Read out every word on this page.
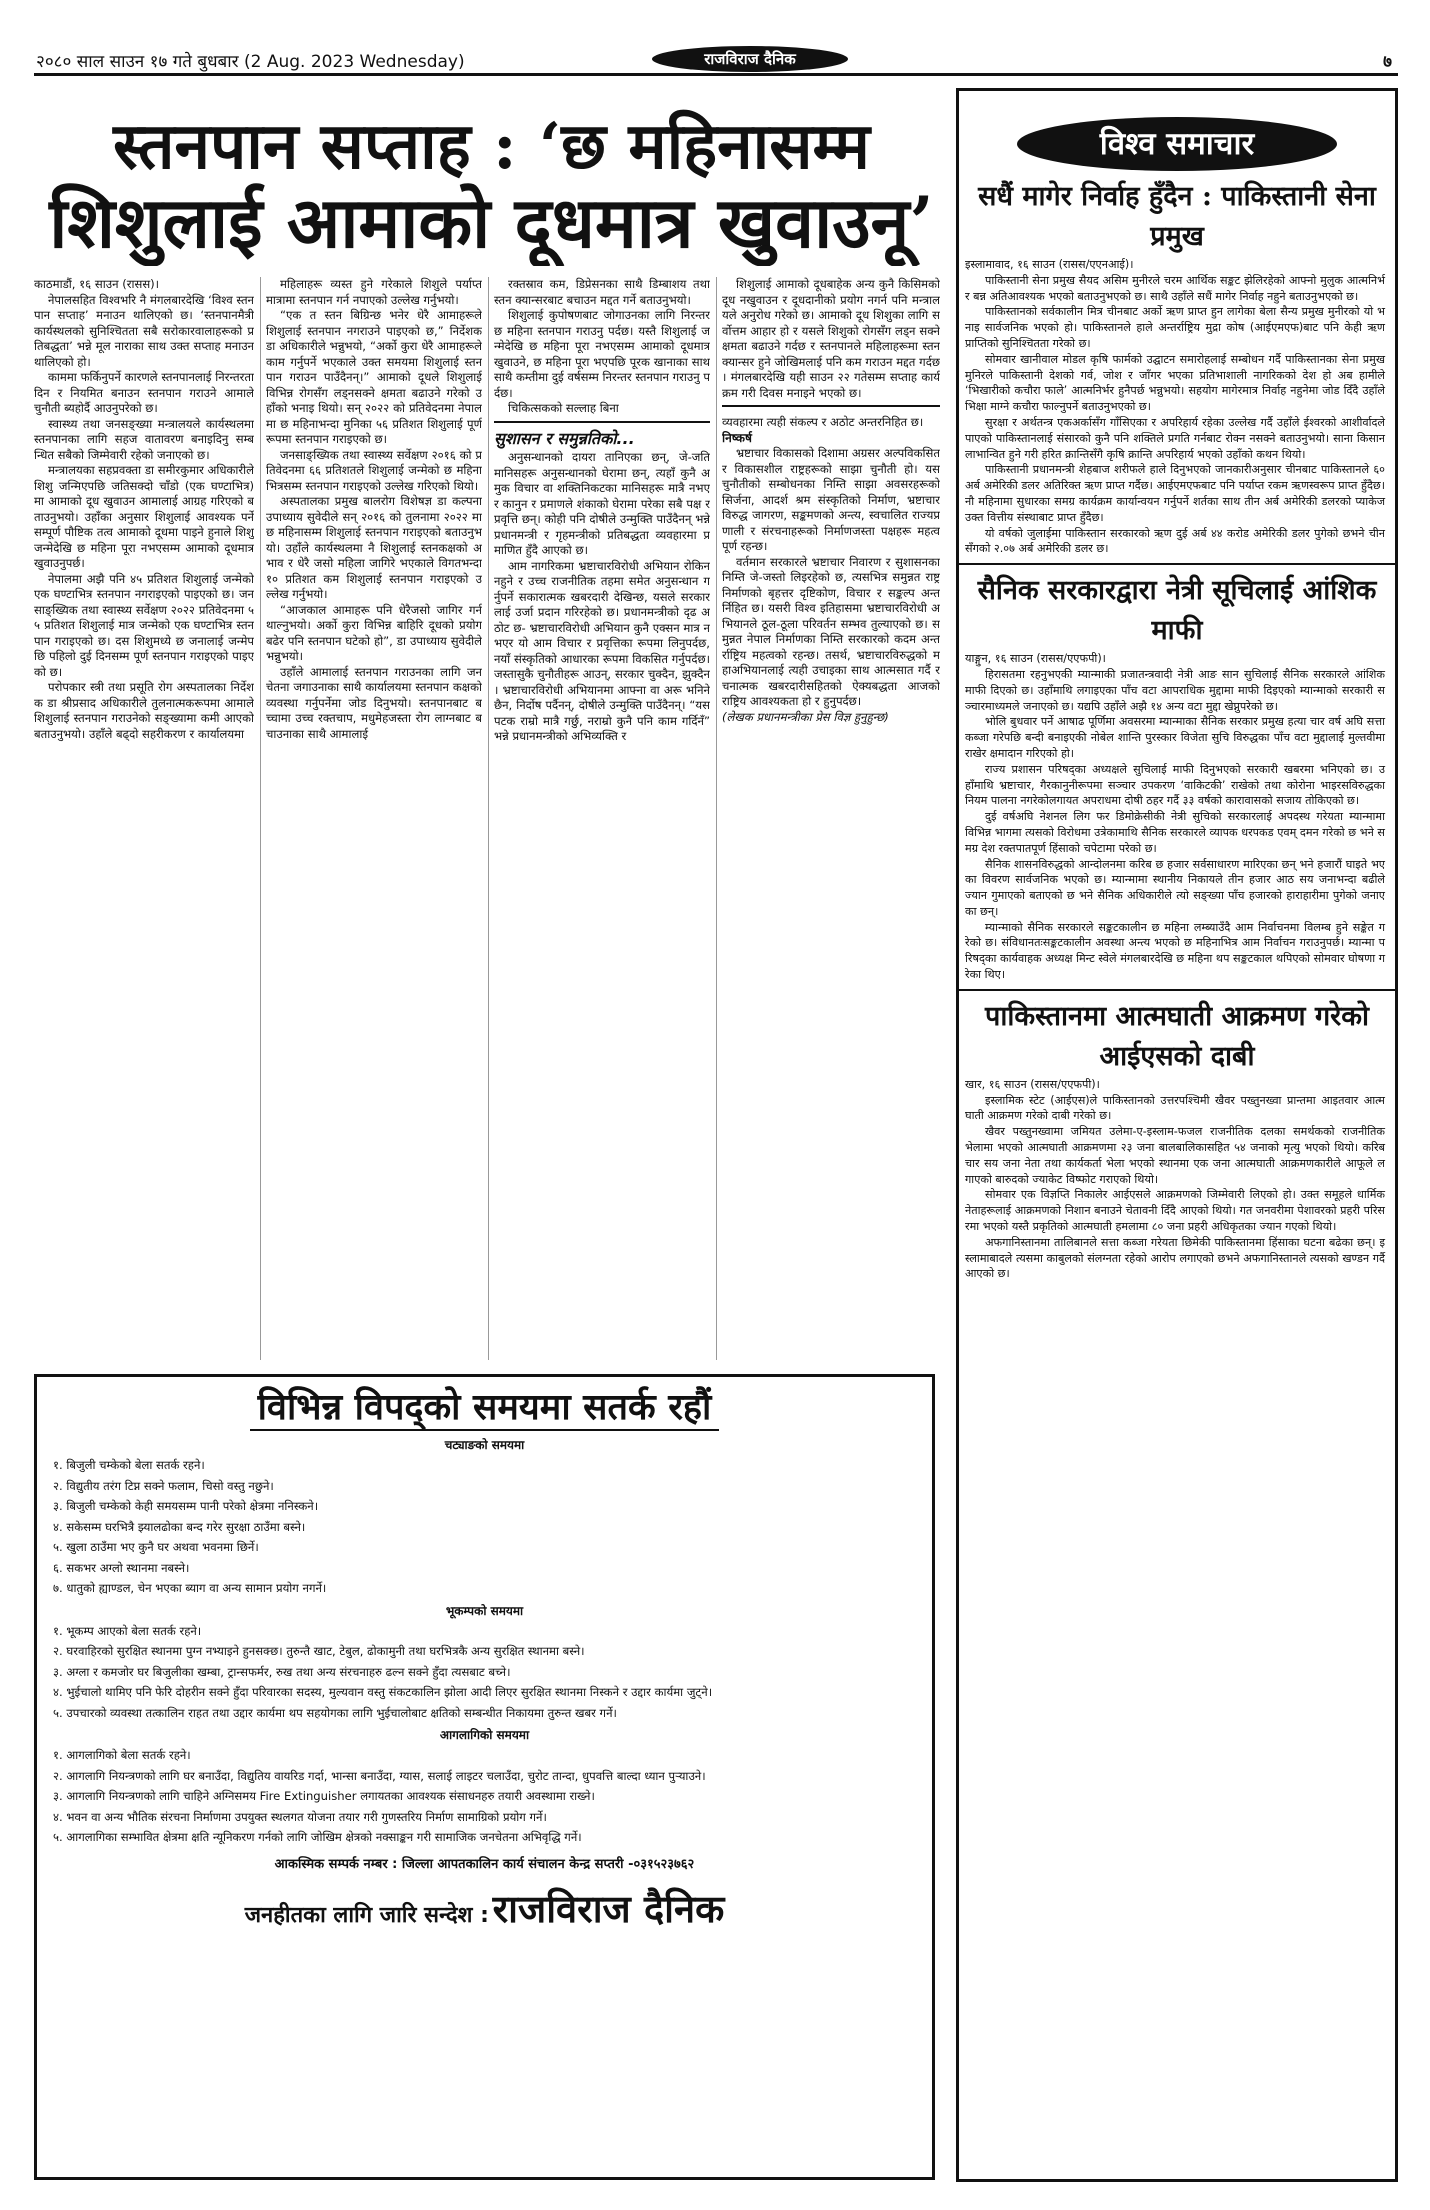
२०८० साल साउन १७ गते बुधबार (2 Aug. 2023 Wednesday)	राजविराज दैनिक	७
स्तनपान सप्ताह : ‘छ महिनासम्म
शिशुलाई आमाको दूधमात्र खुवाउनू’

काठमाडौं, १६ साउन (रासस)।

नेपालसहित विश्वभरि नै मंगलबारदेखि ‘विश्व स्तनपान सप्ताह’ मनाउन थालिएको छ। ‘स्तनपानमैत्री कार्यस्थलको सुनिश्चितता सबै सरोकारवालाहरूको प्रतिबद्धता’ भन्ने मूल नाराका साथ उक्त सप्ताह मनाउन थालिएको हो।

काममा फर्किनुपर्ने कारणले स्तनपानलाई निरन्तरता दिन र नियमित बनाउन स्तनपान गराउने आमाले चुनौती ब्यहोर्दै आउनुपरेको छ।

स्वास्थ्य तथा जनसङ्ख्या मन्त्रालयले कार्यस्थलमा स्तनपानका लागि सहज वातावरण बनाइदिनु सम्बन्धित सबैको जिम्मेवारी रहेको जनाएको छ।

मन्त्रालयका सहप्रवक्ता डा समीरकुमार अधिकारीले शिशु जन्मिएपछि जतिसक्दो चाँडो (एक घण्टाभित्र) मा आमाको दूध खुवाउन आमालाई आग्रह गरिएको बताउनुभयो। उहाँका अनुसार शिशुलाई आवश्यक पर्ने सम्पूर्ण पौष्टिक तत्व आमाको दूधमा पाइने हुनाले शिशु जन्मेदेखि छ महिना पूरा नभएसम्म आमाको दूधमात्र खुवाउनुपर्छ।

नेपालमा अझै पनि ४५ प्रतिशत शिशुलाई जन्मेको एक घण्टाभित्र स्तनपान नगराइएको पाइएको छ। जनसाङ्ख्यिक तथा स्वास्थ्य सर्वेक्षण २०२२ प्रतिवेदनमा ५५ प्रतिशत शिशुलाई मात्र जन्मेको एक घण्टाभित्र स्तनपान गराइएको छ। दस शिशुमध्ये छ जनालाई जन्मेपछि पहिलो दुई दिनसम्म पूर्ण स्तनपान गराइएको पाइएको छ।

परोपकार स्त्री तथा प्रसूति रोग अस्पतालका निर्देशक डा श्रीप्रसाद अधिकारीले तुलनात्मकरूपमा आमाले शिशुलाई स्तनपान गराउनेको सङ्ख्यामा कमी आएको बताउनुभयो। उहाँले बढ्दो सहरीकरण र कार्यालयमा

महिलाहरू व्यस्त हुने गरेकाले शिशुले पर्याप्त मात्रामा स्तनपान गर्न नपाएको उल्लेख गर्नुभयो।

“एक त स्तन बिग्रिन्छ भनेर धेरै आमाहरूले शिशुलाई स्तनपान नगराउने पाइएको छ,” निर्देशक डा अधिकारीले भन्नुभयो, “अर्को कुरा धेरै आमाहरूले काम गर्नुपर्ने भएकाले उक्त समयमा शिशुलाई स्तनपान गराउन पाउँदैनन्।” आमाको दूधले शिशुलाई विभिन्न रोगसँग लड्नसक्ने क्षमता बढाउने गरेको उहाँको भनाइ थियो। सन् २०२२ को प्रतिवेदनमा नेपालमा छ महिनाभन्दा मुनिका ५६ प्रतिशत शिशुलाई पूर्णरूपमा स्तनपान गराइएको छ।

जनसाङ्ख्यिक तथा स्वास्थ्य सर्वेक्षण २०१६ को प्रतिवेदनमा ६६ प्रतिशतले शिशुलाई जन्मेको छ महिना भित्रसम्म स्तनपान गराइएको उल्लेख गरिएको थियो।

अस्पतालका प्रमुख बालरोग विशेषज्ञ डा कल्पना उपाध्याय सुवेदीले सन् २०१६ को तुलनामा २०२२ मा छ महिनासम्म शिशुलाई स्तनपान गराइएको बताउनुभयो। उहाँले कार्यस्थलमा नै शिशुलाई स्तनकक्षको अभाव र धेरै जसो महिला जागिरे भएकाले विगतभन्दा १० प्रतिशत कम शिशुलाई स्तनपान गराइएको उल्लेख गर्नुभयो।

“आजकाल आमाहरू पनि धेरैजसो जागिर गर्न थाल्नुभयो। अर्को कुरा विभिन्न बाहिरि दूधको प्रयोग बढेर पनि स्तनपान घटेको हो”, डा उपाध्याय सुवेदीले भन्नुभयो।

उहाँले आमालाई स्तनपान गराउनका लागि जनचेतना जगाउनाका साथै कार्यालयमा स्तनपान कक्षको व्यवस्था गर्नुपर्नेमा जोड दिनुभयो। स्तनपानबाट बच्चामा उच्च रक्तचाप, मधुमेहजस्ता रोग लाग्नबाट बचाउनाका साथै आमालाई

रक्तस्राव कम, डिप्रेसनका साथै डिम्बाशय तथा स्तन क्यान्सरबाट बचाउन मद्दत गर्ने बताउनुभयो।

शिशुलाई कुपोषणबाट जोगाउनका लागि निरन्तर छ महिना स्तनपान गराउनु पर्दछ। यस्तै शिशुलाई जन्मेदेखि छ महिना पूरा नभएसम्म आमाको दूधमात्र खुवाउने, छ महिना पूरा भएपछि पूरक खानाका साथसाथै कम्तीमा दुई वर्षसम्म निरन्तर स्तनपान गराउनु पर्दछ।

चिकित्सकको सल्लाह बिना

सुशासन र समुन्नतिको...

अनुसन्धानको दायरा तानिएका छन्, जे-जति मानिसहरू अनुसन्धानको घेरामा छन्, त्यहाँ कुनै अमुक विचार वा शक्तिनिकटका मानिसहरू मात्रै नभएर कानुन र प्रमाणले शंकाको घेरामा परेका सबै पक्ष र प्रवृत्ति छन्। कोही पनि दोषीले उन्मुक्ति पाउँदैनन् भन्ने प्रधानमन्त्री र गृहमन्त्रीको प्रतिबद्धता व्यवहारमा प्रमाणित हुँदै आएको छ।

आम नागरिकमा भ्रष्टाचारविरोधी अभियान रोकिन नहुने र उच्च राजनीतिक तहमा समेत अनुसन्धान गर्नुपर्ने सकारात्मक खबरदारी देखिन्छ, यसले सरकारलाई उर्जा प्रदान गरिरहेको छ। प्रधानमन्त्रीको दृढ अठोट छ- भ्रष्टाचारविरोधी अभियान कुनै एक्सन मात्र नभएर यो आम विचार र प्रवृत्तिका रूपमा लिनुपर्दछ, नयाँ संस्कृतिको आधारका रूपमा विकसित गर्नुपर्दछ। जस्तासुकै चुनौतीहरू आउन्, सरकार चुक्दैन, झुक्दैन। भ्रष्टाचारविरोधी अभियानमा आफ्ना वा अरू भनिने छैन, निर्दोष पर्दैनन्, दोषीले उन्मुक्ति पाउँदैनन्। “यसपटक राम्रो मात्रै गर्छु, नराम्रो कुनै पनि काम गर्दिनँ” भन्ने प्रधानमन्त्रीको अभिव्यक्ति र

शिशुलाई आमाको दूधबाहेक अन्य कुनै किसिमको दूध नखुवाउन र दूधदानीको प्रयोग नगर्न पनि मन्त्रालयले अनुरोध गरेको छ। आमाको दूध शिशुका लागि सर्वोत्तम आहार हो र यसले शिशुको रोगसँग लड्न सक्ने क्षमता बढाउने गर्दछ र स्तनपानले महिलाहरूमा स्तन क्यान्सर हुने जोखिमलाई पनि कम गराउन मद्दत गर्दछ। मंगलबारदेखि यही साउन २२ गतेसम्म सप्ताह कार्यक्रम गरी दिवस मनाइने भएको छ।

व्यवहारमा त्यही संकल्प र अठोट अन्तरनिहित छ।

निष्कर्ष

भ्रष्टाचार विकासको दिशामा अग्रसर अल्पविकसित र विकासशील राष्ट्रहरूको साझा चुनौती हो। यस चुनौतीको सम्बोधनका निम्ति साझा अवसरहरूको सिर्जना, आदर्श श्रम संस्कृतिको निर्माण, भ्रष्टाचारविरुद्ध जागरण, सङ्कमणको अन्त्य, स्वचालित राज्यप्रणाली र संरचनाहरूको निर्माणजस्ता पक्षहरू महत्वपूर्ण रहन्छ।

वर्तमान सरकारले भ्रष्टाचार निवारण र सुशासनका निम्ति जे-जस्तो लिइरहेको छ, त्यसभित्र समुन्नत राष्ट्र निर्माणको बृहत्तर दृष्टिकोण, विचार र सङ्कल्प अन्तर्निहित छ। यसरी विश्व इतिहासमा भ्रष्टाचारविरोधी अभियानले ठूल-ठूला परिवर्तन सम्भव तुल्याएको छ। समुन्नत नेपाल निर्माणका निम्ति सरकारको कदम अन्तर्राष्ट्रिय महत्वको रहन्छ। तसर्थ, भ्रष्टाचारविरुद्धको महाअभियानलाई त्यही उचाइका साथ आत्मसात गर्दै रचनात्मक खबरदारीसहितको ऐक्यबद्धता आजको राष्ट्रिय आवश्यकता हो र हुनुपर्दछ।

(लेखक प्रधानमन्त्रीका प्रेस विज्ञ हुनुहुन्छ)

विभिन्न विपद्को समयमा सतर्क रहौं
चट्याङको समयमा
१. बिजुली चम्केको बेला सतर्क रहने।
२. विद्युतीय तरंग टिप्न सक्ने फलाम, चिसो वस्तु नछुने।
३. बिजुली चम्केको केही समयसम्म पानी परेको क्षेत्रमा ननिस्कने।
४. सकेसम्म घरभित्रै झ्यालढोका बन्द गरेर सुरक्षा ठाउँमा बस्ने।
५. खुला ठाउँमा भए कुनै घर अथवा भवनमा छिर्ने।
६. सकभर अग्लो स्थानमा नबस्ने।
७. धातुको ह्याण्डल, चेन भएका ब्याग वा अन्य सामान प्रयोग नगर्ने।
भूकम्पको समयमा
१. भूकम्प आएको बेला सतर्क रहने।
२. घरवाहिरको सुरक्षित स्थानमा पुग्न नभ्याइने हुनसक्छ। तुरुन्तै खाट, टेबुल, ढोकामुनी तथा घरभित्रकै अन्य सुरक्षित स्थानमा बस्ने।
३. अग्ला र कमजोर घर बिजुलीका खम्बा, ट्रान्सफर्मर, रुख तथा अन्य संरचनाहरु ढल्न सक्ने हुँदा त्यसबाट बच्ने।
४. भुईचालो थामिए पनि फेरि दोहरीन सक्ने हुँदा परिवारका सदस्य, मुल्यवान वस्तु संकटकालिन झोला आदी लिएर सुरक्षित स्थानमा निस्कने र उद्दार कार्यमा जुट्ने।
५. उपचारको व्यवस्था तत्कालिन राहत तथा उद्दार कार्यमा थप सहयोगका लागि भुईचालोबाट क्षतिको सम्बन्धीत निकायमा तुरुन्त खबर गर्ने।
आगलागिको समयमा
१. आगलागिको बेला सतर्क रहने।
२. आगलागि नियन्त्रणको लागि घर बनाउँदा, विद्युतिय वायरिड गर्दा, भान्सा बनाउँदा, ग्यास, सलाई लाइटर चलाउँदा, चुरोट तान्दा, धुपवत्ति बाल्दा ध्यान पुऱ्याउने।
३. आगलागि नियन्त्रणको लागि चाहिने अग्निसमय Fire Extinguisher लगायतका आवश्यक संसाधनहरु तयारी अवस्थामा राख्ने।
४. भवन वा अन्य भौतिक संरचना निर्माणमा उपयुक्त स्थलगत योजना तयार गरी गुणस्तरिय निर्माण सामाग्रिको प्रयोग गर्ने।
५. आगलागिका सम्भावित क्षेत्रमा क्षति न्यूनिकरण गर्नको लागि जोखिम क्षेत्रको नक्साङ्कन गरी सामाजिक जनचेतना अभिवृद्धि गर्ने।
आकस्मिक सम्पर्क नम्बर : जिल्ला आपतकालिन कार्य संचालन केन्द्र सप्तरी -०३१५२३७६२
जनहीतका लागि जारि सन्देश : राजविराज दैनिक
विश्व समाचार
सधैं मागेर निर्वाह हुँदैन : पाकिस्तानी सेना प्रमुख

इस्लामावाद, १६ साउन (रासस/एएनआई)।

पाकिस्तानी सेना प्रमुख सैयद असिम मुनीरले चरम आर्थिक सङ्कट झेलिरहेको आफ्नो मुलुक आत्मनिर्भर बन्न अतिआवश्यक भएको बताउनुभएको छ। साथै उहाँले सधैं मागेर निर्वाह नहुने बताउनुभएको छ।

पाकिस्तानको सर्वकालीन मित्र चीनबाट अर्को ऋण प्राप्त हुन लागेका बेला सैन्य प्रमुख मुनीरको यो भनाइ सार्वजनिक भएको हो। पाकिस्तानले हाले अन्तर्राष्ट्रिय मुद्रा कोष (आईएमएफ)बाट पनि केही ऋण प्राप्तिको सुनिश्चितता गरेको छ।

सोमवार खानीवाल मोडल कृषि फार्मको उद्घाटन समारोहलाई सम्बोधन गर्दै पाकिस्तानका सेना प्रमुख मुनिरले पाकिस्तानी देशको गर्व, जोश र जाँगर भएका प्रतिभाशाली नागरिकको देश हो अब हामीले ‘भिखारीको कचौरा फाले’ आत्मनिर्भर हुनैपर्छ भन्नुभयो। सहयोग मागेरमात्र निर्वाह नहुनेमा जोड दिँदै उहाँले भिक्षा माग्ने कचौरा फाल्नुपर्ने बताउनुभएको छ।

सुरक्षा र अर्थतन्त्र एकअर्कासँग गाँसिएका र अपरिहार्य रहेका उल्लेख गर्दै उहाँले ईश्वरको आशीर्वादले पाएको पाकिस्तानलाई संसारको कुनै पनि शक्तिले प्रगति गर्नबाट रोक्न नसक्ने बताउनुभयो। साना किसान लाभान्वित हुने गरी हरित क्रान्तिसँगै कृषि क्रान्ति अपरिहार्य भएको उहाँको कथन थियो।

पाकिस्तानी प्रधानमन्त्री शेहबाज शरीफले हाले दिनुभएको जानकारीअनुसार चीनबाट पाकिस्तानले ६० अर्ब अमेरिकी डलर अतिरिक्त ऋण प्राप्त गर्दैछ। आईएमएफबाट पनि पर्याप्त रकम ऋणस्वरूप प्राप्त हुँदैछ। नौ महिनामा सुधारका समग्र कार्यक्रम कार्यान्वयन गर्नुपर्ने शर्तका साथ तीन अर्ब अमेरिकी डलरको प्याकेज उक्त वित्तीय संस्थाबाट प्राप्त हुँदैछ।

यो वर्षको जुलाईमा पाकिस्तान सरकारको ऋण दुई अर्ब ४४ करोड अमेरिकी डलर पुगेको छभने चीनसँगको २.०७ अर्ब अमेरिकी डलर छ।

सैनिक सरकारद्वारा नेत्री सूचिलाई आंशिक माफी

याङ्गुन, १६ साउन (रासस/एएफपी)।

हिरासतमा रहनुभएकी म्यान्माकी प्रजातन्त्रवादी नेत्री आङ सान सुचिलाई सैनिक सरकारले आंशिक माफी दिएको छ। उहाँमाथि लगाइएका पाँच वटा आपराधिक मुद्दामा माफी दिइएको म्यान्माको सरकारी सञ्चारमाध्यमले जनाएको छ। यद्यपि उहाँले अझै १४ अन्य वटा मुद्दा खेप्नुपरेको छ।

भोलि बुधवार पर्ने आषाढ पूर्णिमा अवसरमा म्यान्माका सैनिक सरकार प्रमुख हत्या चार वर्ष अघि सत्ता कब्जा गरेपछि बन्दी बनाइएकी नोबेल शान्ति पुरस्कार विजेता सुचि विरुद्धका पाँच वटा मुद्दालाई मुल्तवीमा राखेर क्षमादान गरिएको हो।

राज्य प्रशासन परिषद्का अध्यक्षले सुचिलाई माफी दिनुभएको सरकारी खबरमा भनिएको छ। उहाँमाथि भ्रष्टाचार, गैरकानुनीरूपमा सञ्चार उपकरण ‘वाकिटकी’ राखेको तथा कोरोना भाइरसविरुद्धका नियम पालना नगरेकोलगायत अपराधमा दोषी ठहर गर्दै ३३ वर्षको कारावासको सजाय तोकिएको छ।

दुई वर्षअघि नेशनल लिग फर डिमोक्रेसीकी नेत्री सुचिको सरकारलाई अपदस्थ गरेयता म्यान्मामा विभिन्न भागमा त्यसको विरोधमा उत्रेकामाथि सैनिक सरकारले व्यापक धरपकड एवम् दमन गरेको छ भने समग्र देश रक्तपातपूर्ण हिंसाको चपेटामा परेको छ।

सैनिक शासनविरुद्धको आन्दोलनमा करिब छ हजार सर्वसाधारण मारिएका छन् भने हजारौं घाइते भएका विवरण सार्वजनिक भएको छ। म्यान्मामा स्थानीय निकायले तीन हजार आठ सय जनाभन्दा बढीले ज्यान गुमाएको बताएको छ भने सैनिक अधिकारीले त्यो सङ्ख्या पाँच हजारको हाराहारीमा पुगेको जनाएका छन्।

म्यान्माको सैनिक सरकारले सङ्कटकालीन छ महिना लम्ब्याउँदै आम निर्वाचनमा विलम्ब हुने सङ्केत गरेको छ। संविधानतःसङ्कटकालीन अवस्था अन्त्य भएको छ महिनाभित्र आम निर्वाचन गराउनुपर्छ। म्यान्मा परिषद्का कार्यवाहक अध्यक्ष मिन्ट स्वेले मंगलबारदेखि छ महिना थप सङ्कटकाल थपिएको सोमवार घोषणा गरेका थिए।

पाकिस्तानमा आत्मघाती आक्रमण गरेको आईएसको दाबी

खार, १६ साउन (रासस/एएफपी)।

इस्लामिक स्टेट (आईएस)ले पाकिस्तानको उत्तरपश्चिमी खैवर पख्तुनख्वा प्रान्तमा आइतवार आत्मघाती आक्रमण गरेको दाबी गरेको छ।

खैवर पख्तुनख्वामा जमियत उलेमा-ए-इस्लाम-फजल राजनीतिक दलका समर्थकको राजनीतिक भेलामा भएको आत्मघाती आक्रमणमा २३ जना बालबालिकासहित ५४ जनाको मृत्यु भएको थियो। करिब चार सय जना नेता तथा कार्यकर्ता भेला भएको स्थानमा एक जना आत्मघाती आक्रमणकारीले आफूले लगाएको बारुदको ज्याकेट विष्फोट गराएको थियो।

सोमवार एक विज्ञप्ति निकालेर आईएसले आक्रमणको जिम्मेवारी लिएको हो। उक्त समूहले धार्मिक नेताहरूलाई आक्रमणको निशान बनाउने चेतावनी दिँदै आएको थियो। गत जनवरीमा पेशावरको प्रहरी परिसरमा भएको यस्तै प्रकृतिको आत्मघाती हमलामा ८० जना प्रहरी अधिकृतका ज्यान गएको थियो।

अफगानिस्तानमा तालिबानले सत्ता कब्जा गरेयता छिमेकी पाकिस्तानमा हिंसाका घटना बढेका छन्। इस्लामाबादले त्यसमा काबुलको संलग्नता रहेको आरोप लगाएको छभने अफगानिस्तानले त्यसको खण्डन गर्दै आएको छ।
